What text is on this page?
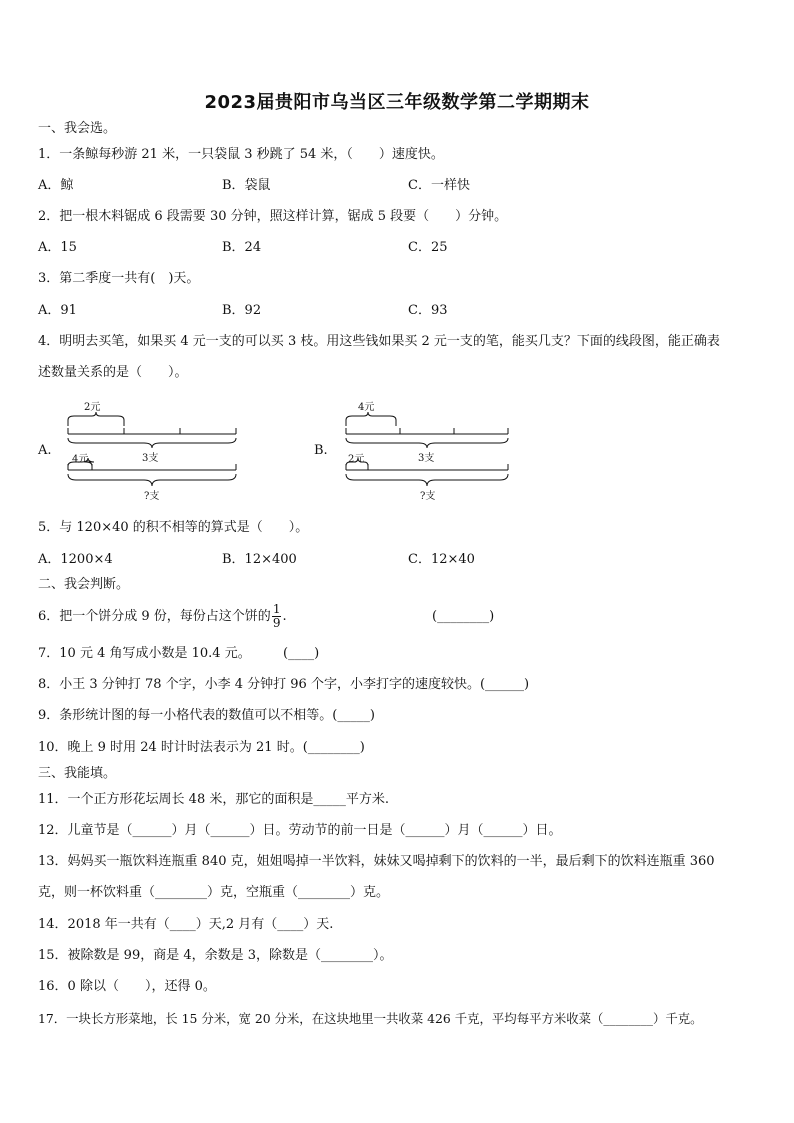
2023届贵阳市乌当区三年级数学第二学期期末
一、我会选。
1．一条鲸每秒游 21 米，一只袋鼠 3 秒跳了 54 米，（　　）速度快。
A．鲸	B．袋鼠	C．一样快
2．把一根木料锯成 6 段需要 30 分钟，照这样计算，锯成 5 段要（　　）分钟。
A．15	B．24	C．25
3．第二季度一共有(　)天。
A．91	B．92	C．93
4．明明去买笔，如果买 4 元一支的可以买 3 枝。用这些钱如果买 2 元一支的笔，能买几支？下面的线段图，能正确表
述数量关系的是（　　）。
A.	B.
2元
3支
4元
?支
4元
3支
2元
?支
5．与 120×40 的积不相等的算式是（　　）。
A．1200×4	B．12×400	C．12×40
二、我会判断。
6．把一个饼分成 9 份，每份占这个饼的 $\frac{1}{9}$ .	(________)
7．10 元 4 角写成小数是 10.4 元。 (____)
8．小王 3 分钟打 78 个字，小李 4 分钟打 96 个字，小李打字的速度较快。(______)
9．条形统计图的每一小格代表的数值可以不相等。(_____)
10．晚上 9 时用 24 时计时法表示为 21 时。(________)
三、我能填。
11．一个正方形花坛周长 48 米，那它的面积是_____平方米.
12．儿童节是（______）月（______）日。劳动节的前一日是（______）月（______）日。
13．妈妈买一瓶饮料连瓶重 840 克，姐姐喝掉一半饮料，妹妹又喝掉剩下的饮料的一半，最后剩下的饮料连瓶重 360
克，则一杯饮料重（________）克，空瓶重（________）克。
14．2018 年一共有（____）天,2 月有（____）天.
15．被除数是 99，商是 4，余数是 3，除数是（________）。
16．0 除以（　　），还得 0。
17．一块长方形菜地，长 15 分米，宽 20 分米，在这块地里一共收菜 426 千克，平均每平方米收菜（________）千克。
